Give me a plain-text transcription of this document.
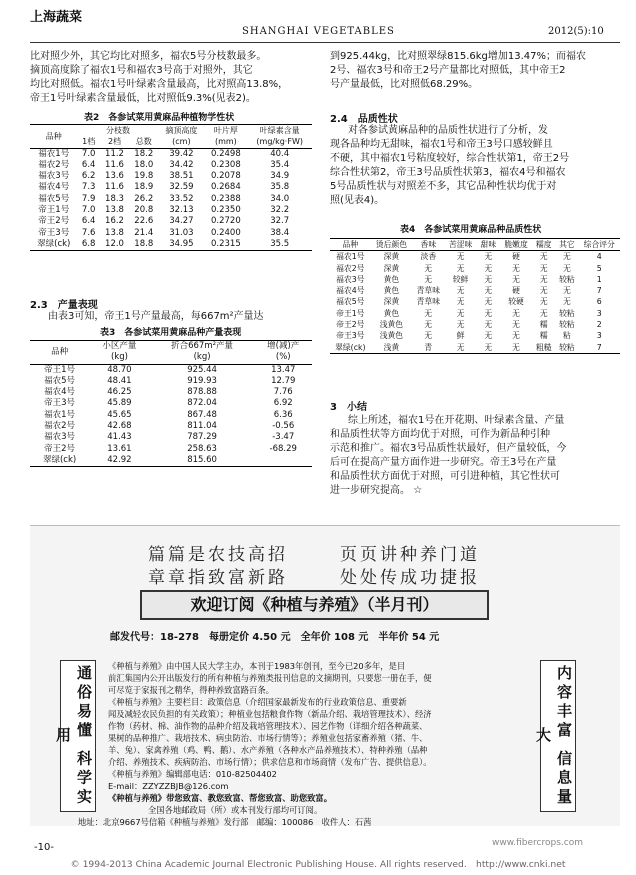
上海蔬菜
SHANGHAI VEGETABLES	2012(5):10
比对照少外，其它均比对照多，福农5号分枝数最多。
摘顶高度除了福农1号和福农3号高于对照外，其它
均比对照低。福农1号叶绿素含量最高，比对照高13.8%，
帝王1号叶绿素含量最低，比对照低9.3%(见表2)。
表2　各参试菜用黄麻品种植物学性状
品种	分枝数			摘顶高度	叶片厚	叶绿素含量
	1档	2档	总数	(cm)	(mm)	(mg/kg·FW)

福农1号	7.0	11.2	18.2	39.42	0.2498	40.4
福农2号	6.4	11.6	18.0	34.42	0.2308	35.4
福农3号	6.2	13.6	19.8	38.51	0.2078	34.9
福农4号	7.3	11.6	18.9	32.59	0.2684	35.8
福农5号	7.9	18.3	26.2	33.52	0.2388	34.0
帝王1号	7.0	13.8	20.8	32.13	0.2350	32.2
帝王2号	6.4	16.2	22.6	34.27	0.2720	32.7
帝王3号	7.6	13.8	21.4	31.03	0.2400	38.4
翠绿(ck)	6.8	12.0	18.8	34.95	0.2315	35.5
2.3　产量表现
由表3可知，帝王1号产量最高，每667m²产量达
表3　各参试菜用黄麻品种产量表现
品种	小区产量	折合667m²产量	增(减)产
	(kg)	(kg)	(%)
帝王1号	48.70	925.44	13.47
福农5号	48.41	919.93	12.79
福农4号	46.25	878.88	7.76
帝王3号	45.89	872.04	6.92
福农1号	45.65	867.48	6.36
福农2号	42.68	811.04	-0.56
福农3号	41.43	787.29	-3.47
帝王2号	13.61	258.63	-68.29
翠绿(ck)	42.92	815.60	
到925.44kg，比对照翠绿815.6kg增加13.47%；而福农
2号、福农3号和帝王2号产量都比对照低，其中帝王2
号产量最低，比对照低68.29%。
2.4　品质性状
对各参试黄麻品种的品质性状进行了分析，发
现各品种均无甜味，福农1号和帝王3号口感较鲜且
不硬，其中福农1号粘度较好，综合性状第1，帝王2号
综合性状第2，帝王3号品质性状第3，福农4号和福农
5号品质性状与对照差不多，其它品种性状均优于对
照(见表4)。
表4　各参试菜用黄麻品种品质性状
品种	烫后颜色	香味	苦涩味	甜味	脆嫩度	糯度	其它	综合评分
福农1号	深黄	淡香	无	无	硬	无	无	4
福农2号	深黄	无	无	无	无	无	无	5
福农3号	黄色	无	较鲜	无	无	无	较粘	1
福农4号	黄色	青草味	无	无	硬	无	无	7
福农5号	深黄	青草味	无	无	较硬	无	无	6
帝王1号	黄色	无	无	无	无	无	较粘	3
帝王2号	浅黄色	无	无	无	无	糯	较粘	2
帝王3号	浅黄色	无	鲜	无	无	糯	粘	3
翠绿(ck)	浅黄	青	无	无	无	粗糙	较粘	7
3　小结
综上所述，福农1号在开花期、叶绿素含量、产量
和品质性状等方面均优于对照，可作为新品种引种
示范和推广。福农3号品质性状最好，但产量较低，今
后可在提高产量方面作进一步研究。帝王3号在产量
和品质性状方面优于对照，可引进种植，其它性状可
进一步研究提高。 ☆
篇篇是农技高招	页页讲种养门道
章章指致富新路	处处传成功捷报
欢迎订阅《种植与养殖》（半月刊）
邮发代号：18-278　每册定价 4.50 元　全年价 108 元　半年价 54 元
通俗易懂 科学实用	内容丰富 信息量大
《种植与养殖》由中国人民大学主办，本刊于1983年创刊，至今已20多年，是目
前汇集国内公开出版发行的所有种植与养殖类报刊信息的文摘期刊，只要您一册在手，便
可尽览于家报刊之精华，得种养致富路百条。
《种植与养殖》主要栏目：政策信息（介绍国家最新发布的行业政策信息、重要新
闻及减轻农民负担的有关政策）；种植业包括粮食作物（新品介绍、栽培管理技术）、经济
作物（药材、棉、油作物的品种介绍及栽培管理技术）、园艺作物（详细介绍各种蔬菜、
果树的品种推广、栽培技术、病虫防治、市场行情等）；养殖业包括家畜养殖（猪、牛、
羊、兔）、家禽养殖（鸡、鸭、鹅）、水产养殖（各种水产品养殖技术）、特种养殖（品种
介绍、养殖技术、疾病防治、市场行情）；供求信息和市场商情（发布广告、提供信息）。
《种植与养殖》编辑部电话：010-82504402
E-mail：ZZYZZBJB@126.com
《种植与养殖》带您致富、教您致富、帮您致富、助您致富。
全国各地邮政局（所）或本刊发行部均可订阅。
地址：北京9667号信箱《种植与养殖》发行部　邮编：100086　收件人：石茜
-10-	www.fibercrops.com
© 1994-2013 China Academic Journal Electronic Publishing House. All rights reserved.　http://www.cnki.net
